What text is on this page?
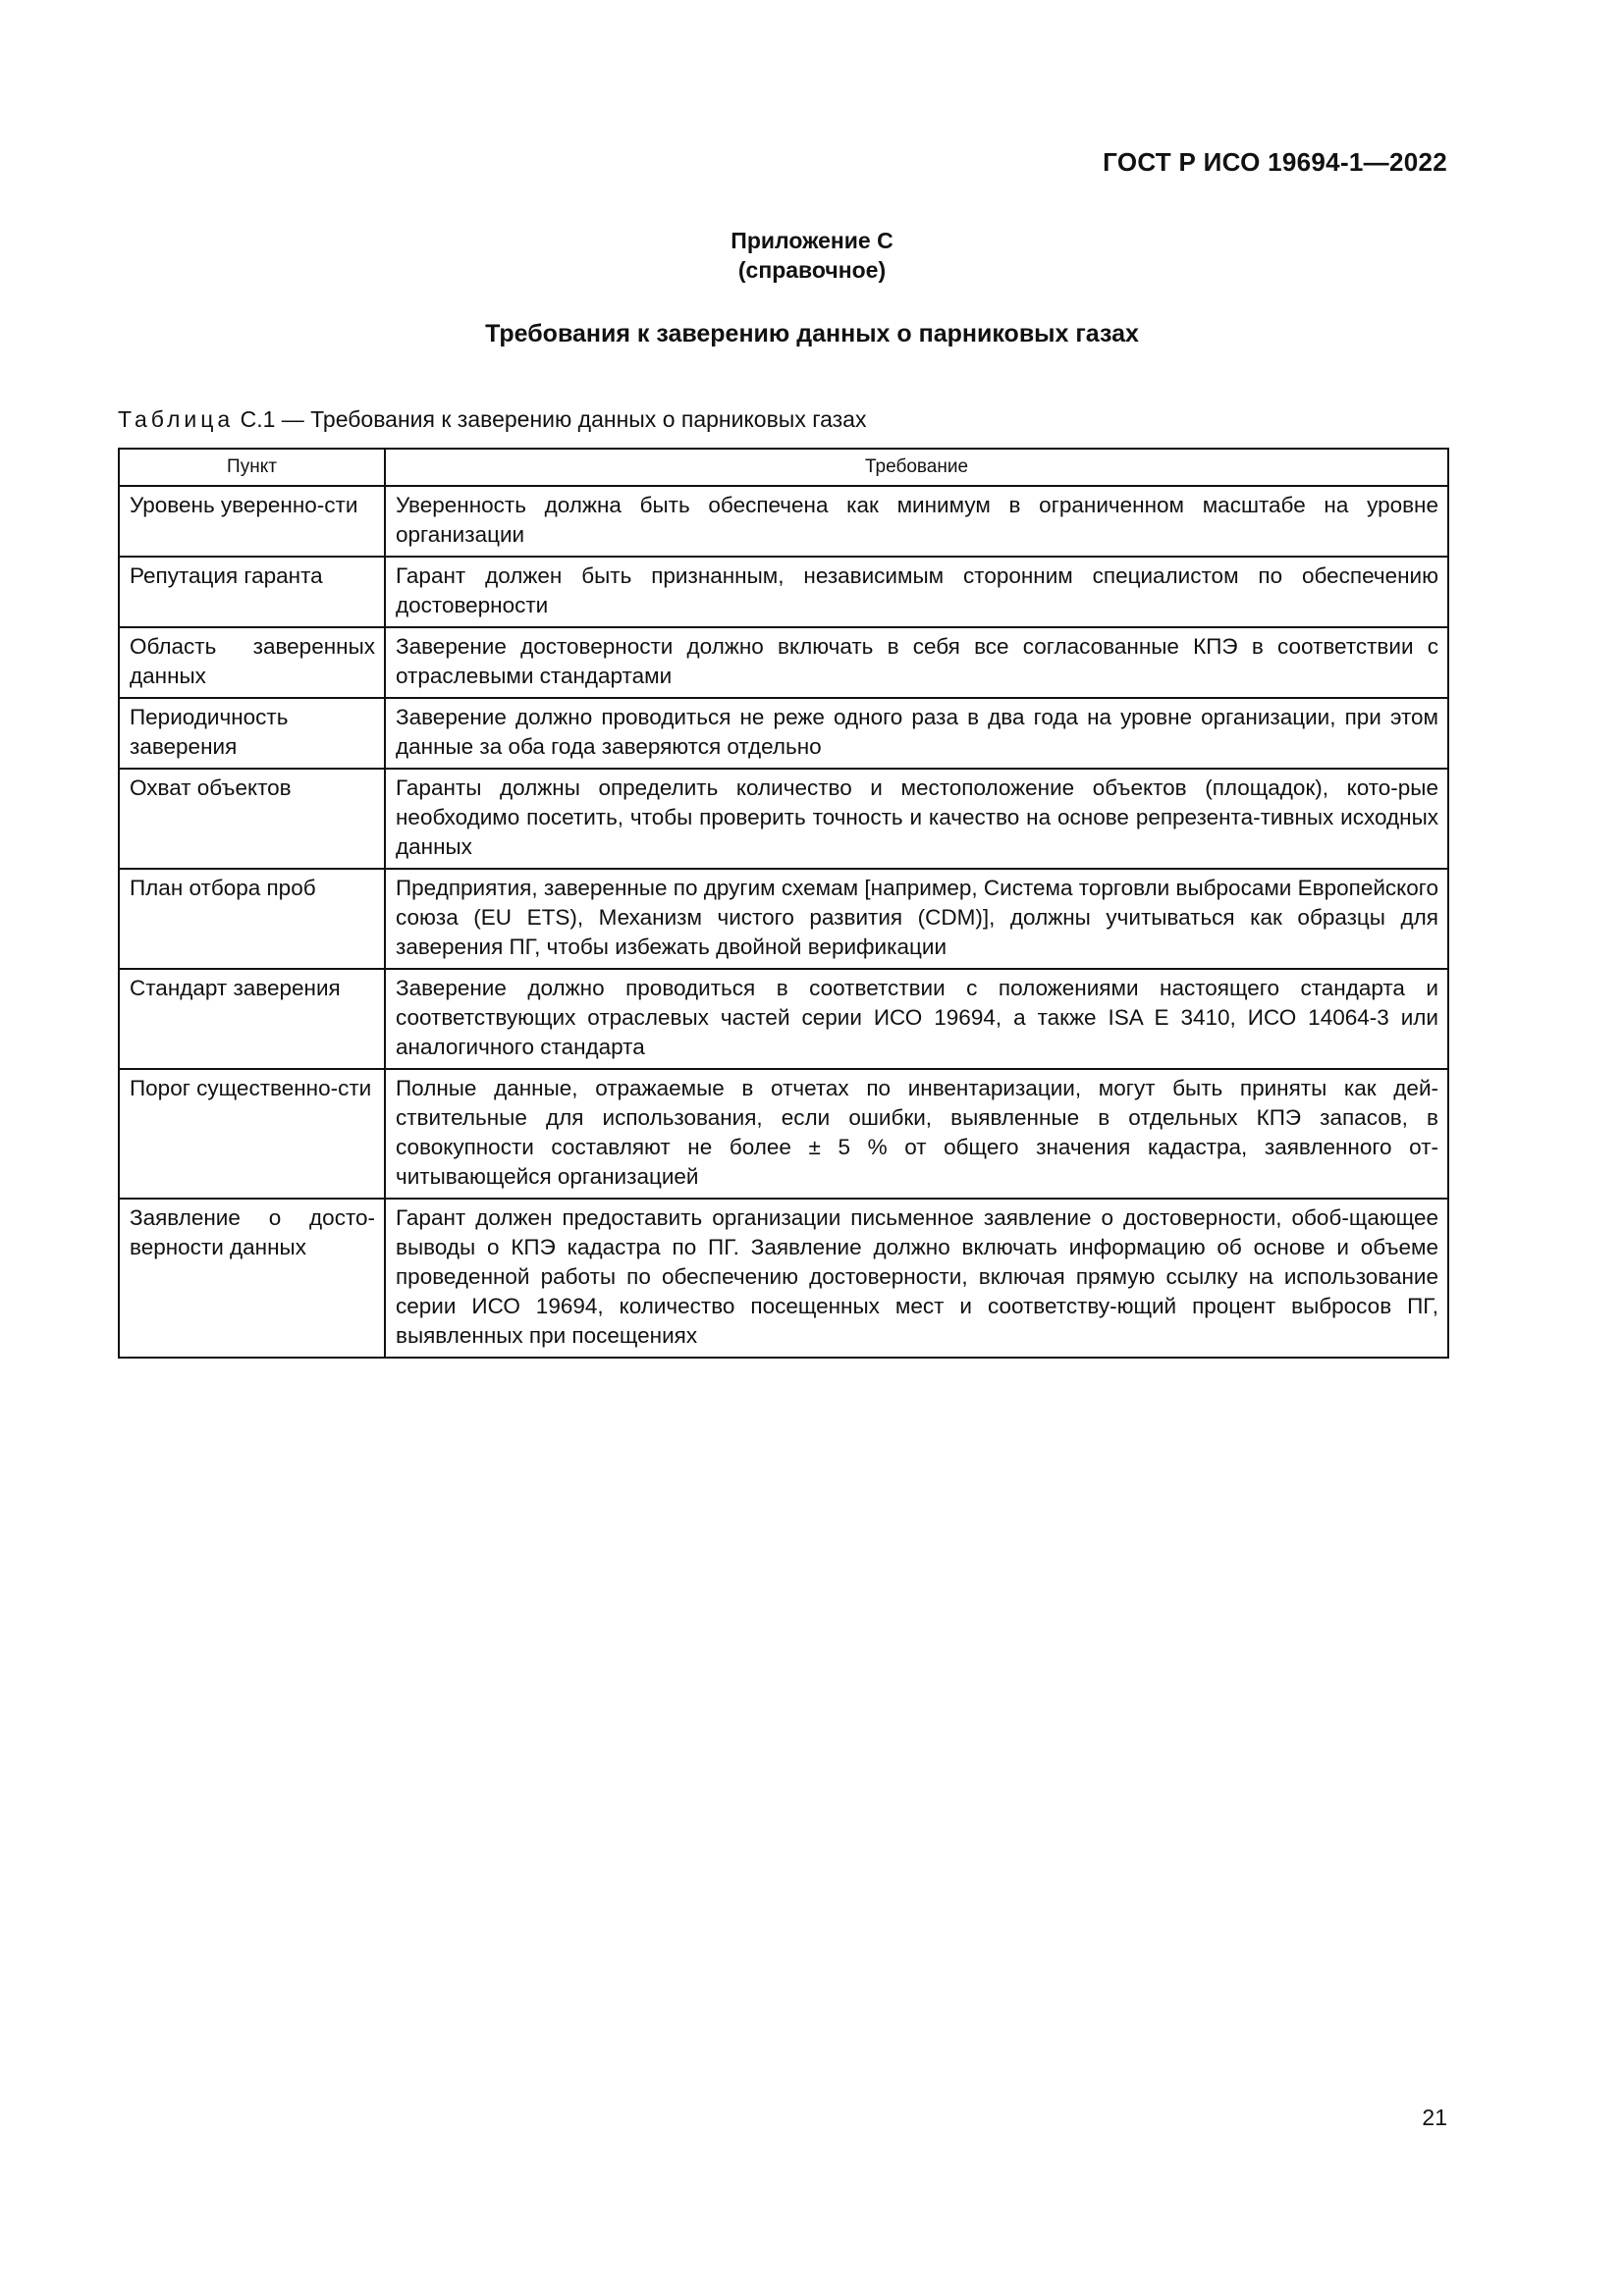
ГОСТ Р ИСО 19694-1—2022
Приложение С
(справочное)
Требования к заверению данных о парниковых газах
Таблица С.1 — Требования к заверению данных о парниковых газах
Пункт	Требование
Уровень уверенно-сти	Уверенность должна быть обеспечена как минимум в ограниченном масштабе на уровне организации
Репутация гаранта	Гарант должен быть признанным, независимым сторонним специалистом по обеспечению достоверности
Область заверенных данных	Заверение достоверности должно включать в себя все согласованные КПЭ в соответствии с отраслевыми стандартами
Периодичность заверения	Заверение должно проводиться не реже одного раза в два года на уровне организации, при этом данные за оба года заверяются отдельно
Охват объектов	Гаранты должны определить количество и местоположение объектов (площадок), кото-рые необходимо посетить, чтобы проверить точность и качество на основе репрезента-тивных исходных данных
План отбора проб	Предприятия, заверенные по другим схемам [например, Система торговли выбросами Европейского союза (EU ETS), Механизм чистого развития (CDM)], должны учитываться как образцы для заверения ПГ, чтобы избежать двойной верификации
Стандарт заверения	Заверение должно проводиться в соответствии с положениями настоящего стандарта и соответствующих отраслевых частей серии ИСО 19694, а также ISA E 3410, ИСО 14064-3 или аналогичного стандарта
Порог существенно-сти	Полные данные, отражаемые в отчетах по инвентаризации, могут быть приняты как дей-ствительные для использования, если ошибки, выявленные в отдельных КПЭ запасов, в совокупности составляют не более ± 5 % от общего значения кадастра, заявленного от-читывающейся организацией
Заявление о досто-верности данных	Гарант должен предоставить организации письменное заявление о достоверности, обоб-щающее выводы о КПЭ кадастра по ПГ. Заявление должно включать информацию об основе и объеме проведенной работы по обеспечению достоверности, включая прямую ссылку на использование серии ИСО 19694, количество посещенных мест и соответству-ющий процент выбросов ПГ, выявленных при посещениях
21
